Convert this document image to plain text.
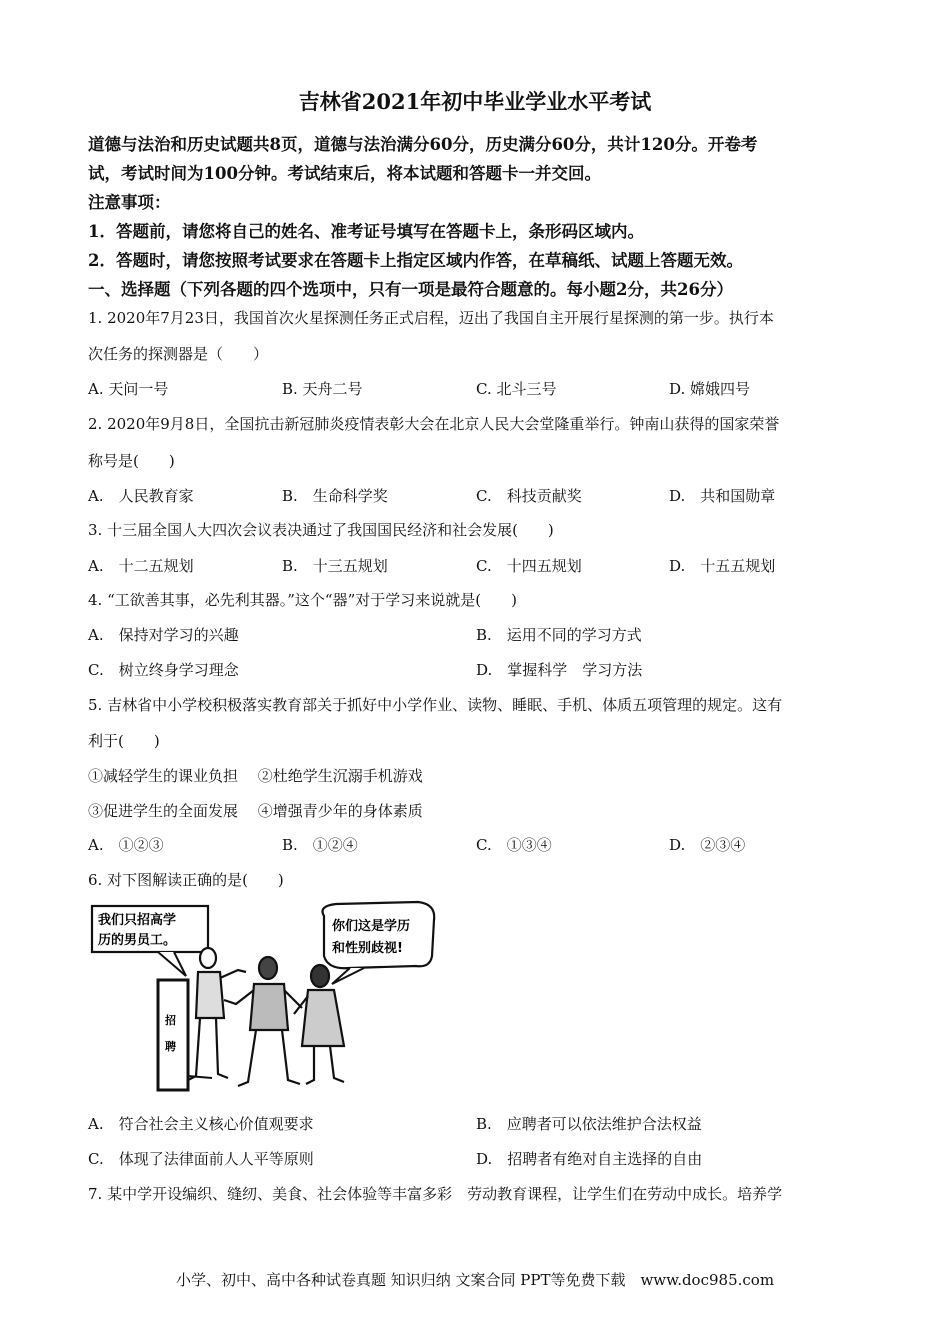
吉林省2021年初中毕业学业水平考试
道德与法治和历史试题共8页，道德与法治满分60分，历史满分60分，共计120分。开卷考
试，考试时间为100分钟。考试结束后，将本试题和答题卡一并交回。
注意事项：
1．答题前，请您将自己的姓名、准考证号填写在答题卡上，条形码区域内。
2．答题时，请您按照考试要求在答题卡上指定区域内作答，在草稿纸、试题上答题无效。
一、选择题（下列各题的四个选项中，只有一项是最符合题意的。每小题2分，共26分）
1. 2020年7月23日，我国首次火星探测任务正式启程，迈出了我国自主开展行星探测的第一步。执行本
次任务的探测器是（　　）
A. 天问一号	B. 天舟二号	C. 北斗三号	D. 嫦娥四号
2. 2020年9月8日，全国抗击新冠肺炎疫情表彰大会在北京人民大会堂隆重举行。钟南山获得的国家荣誉
称号是(　　)
A.　人民教育家	B.　生命科学奖	C.　科技贡献奖	D.　共和国勋章
3. 十三届全国人大四次会议表决通过了我国国民经济和社会发展(　　)
A.　十二五规划	B.　十三五规划	C.　十四五规划	D.　十五五规划
4. “工欲善其事，必先利其器。”这个“器”对于学习来说就是(　　)
A.　保持对学习的兴趣	B.　运用不同的学习方式
C.　树立终身学习理念	D.　掌握科学　学习方法
5. 吉林省中小学校积极落实教育部关于抓好中小学作业、读物、睡眠、手机、体质五项管理的规定。这有
利于(　　)
①减轻学生的课业负担　 ②杜绝学生沉溺手机游戏
③促进学生的全面发展　 ④增强青少年的身体素质
A.　①②③	B.　①②④	C.　①③④	D.　②③④
6. 对下图解读正确的是(　　)
我们只招高学
历的男员工。
你们这是学历
和性别歧视!
招
聘
A.　符合社会主义核心价值观要求	B.　应聘者可以依法维护合法权益
C.　体现了法律面前人人平等原则	D.　招聘者有绝对自主选择的自由
7. 某中学开设编织、缝纫、美食、社会体验等丰富多彩　劳动教育课程，让学生们在劳动中成长。培养学
小学、初中、高中各种试卷真题 知识归纳 文案合同 PPT等免费下载　www.doc985.com
